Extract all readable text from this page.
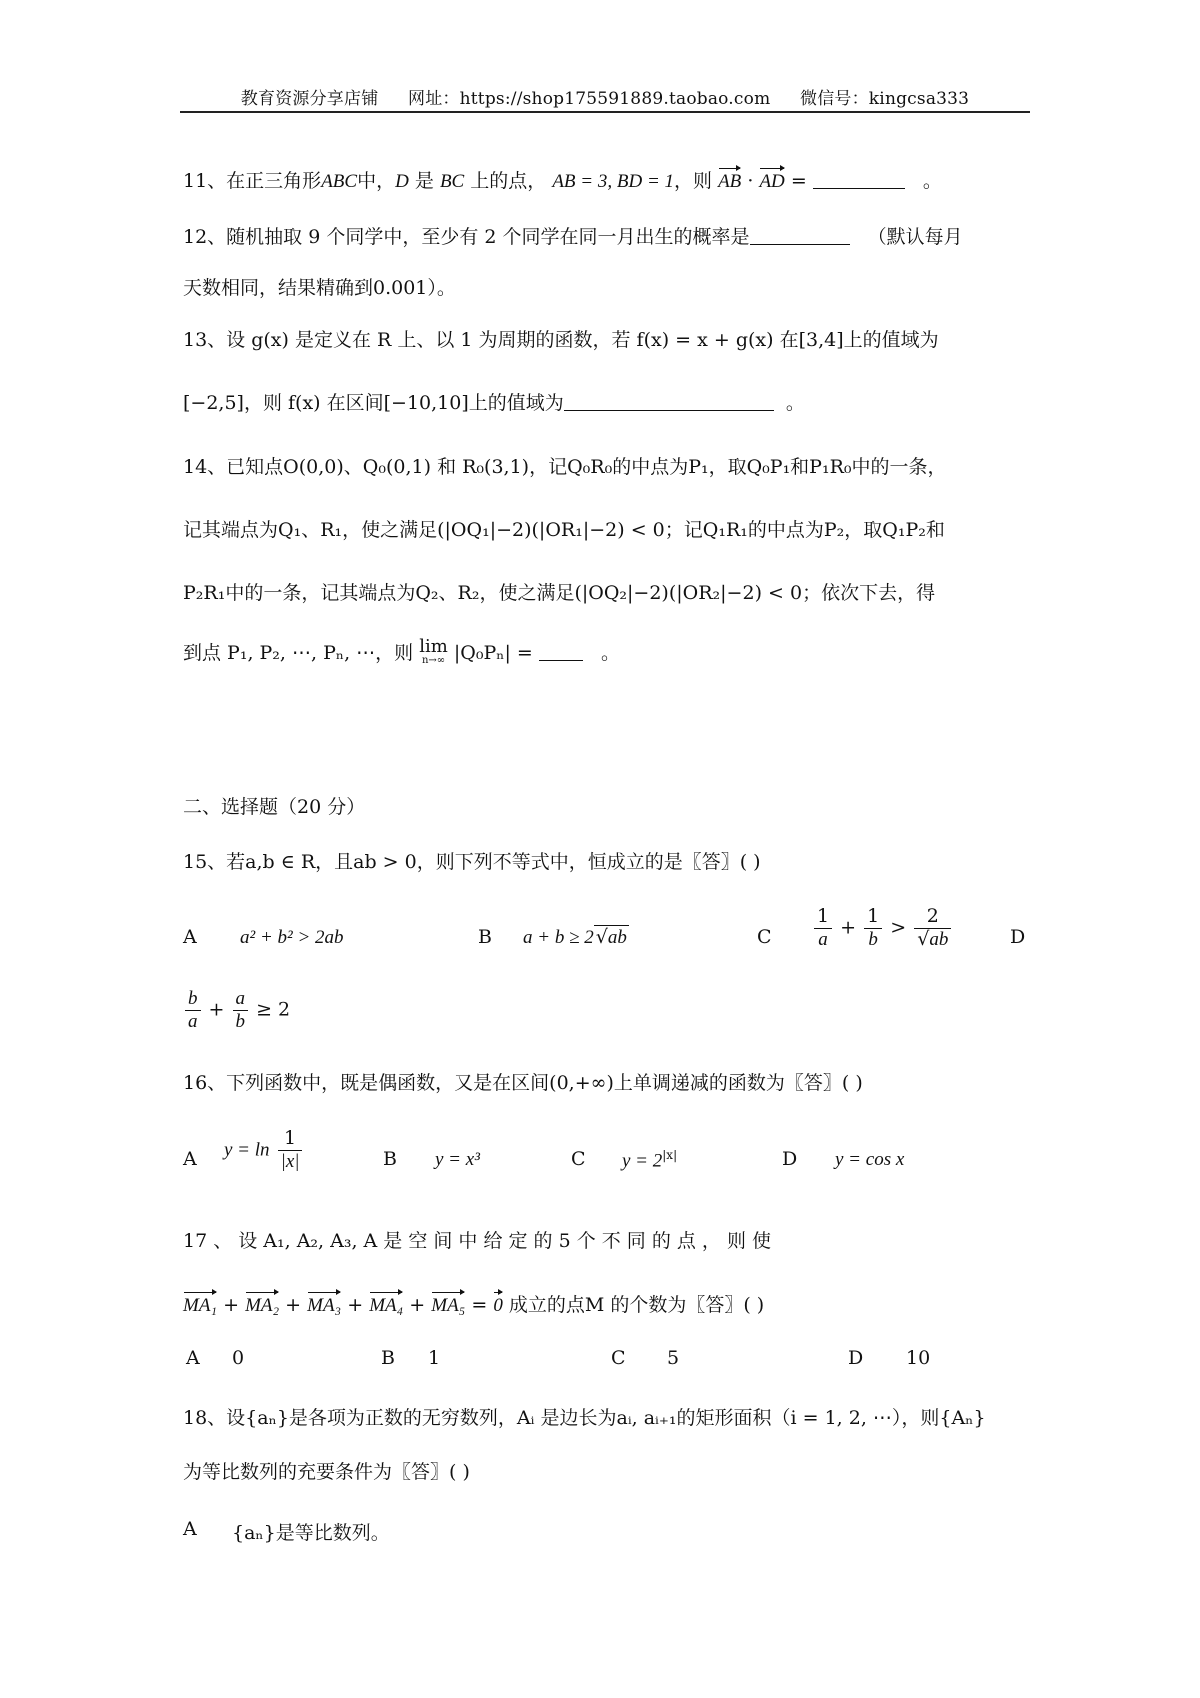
教育资源分享店铺 网址：https://shop175591889.taobao.com 微信号：kingcsa333
11、在正三角形ABC中，D 是 BC 上的点， AB = 3, BD = 1，则 AB · AD =	。
12、随机抽取 9 个同学中，至少有 2 个同学在同一月出生的概率是	（默认每月
天数相同，结果精确到0.001）。
13、设 g(x) 是定义在 R 上、以 1 为周期的函数，若 f(x) = x + g(x) 在[3,4]上的值域为
[−2,5]，则 f(x) 在区间[−10,10]上的值域为	。
14、已知点O(0,0)、Q₀(0,1) 和 R₀(3,1)，记Q₀R₀的中点为P₁，取Q₀P₁和P₁R₀中的一条，
记其端点为Q₁、R₁，使之满足(|OQ₁|−2)(|OR₁|−2) < 0；记Q₁R₁的中点为P₂，取Q₁P₂和
P₂R₁中的一条，记其端点为Q₂、R₂，使之满足(|OQ₂|−2)(|OR₂|−2) < 0；依次下去，得
到点 P₁, P₂, ⋯, Pₙ, ⋯，则 lim
n→∞ |Q₀Pₙ| =	。
二、选择题（20 分）
15、若a,b ∈ R，且ab > 0，则下列不等式中，恒成立的是〖答〗( )
A a² + b² > 2ab	B a + b ≥ 2 √ab	C $\frac{1}{a} + \frac{1}{b} > \frac{2}{√ab}$	D
$\frac{b}{a} + \frac{a}{b} \ge 2$
16、下列函数中，既是偶函数，又是在区间(0,+∞)上单调递减的函数为〖答〗( )
A $y = \ln \frac{1}{|x|}$	B y = x³	C $y = 2^{|x|}$	D y = cos x
17 、 设 A₁, A₂, A₃, A 是 空 间 中 给 定 的 5 个 不 同 的 点 ， 则 使
MA₁ + MA₂ + MA₃ + MA₄ + MA₅ = 0 成立的点M 的个数为〖答〗( )
A 0	B 1	C 5	D 10
18、设{aₙ}是各项为正数的无穷数列，Aᵢ 是边长为aᵢ, aᵢ₊₁的矩形面积（i = 1, 2, ⋯），则{Aₙ}
为等比数列的充要条件为〖答〗( )
A {aₙ}是等比数列。
